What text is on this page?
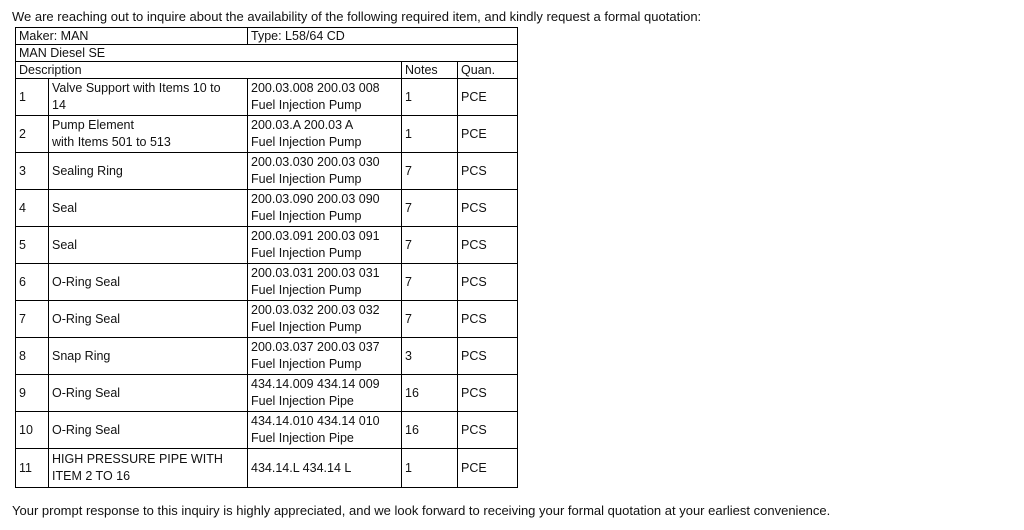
We are reaching out to inquire about the availability of the following required item, and kindly request a formal quotation:
Maker: MAN		Type: L58/64 CD		
MAN Diesel SE				
Description			Notes	Quan.
1	Valve Support with Items 10 to
14	200.03.008 200.03 008
Fuel Injection Pump	1	PCE
2	Pump Element
with Items 501 to 513	200.03.A 200.03 A
Fuel Injection Pump	1	PCE
3	Sealing Ring	200.03.030 200.03 030
Fuel Injection Pump	7	PCS
4	Seal	200.03.090 200.03 090
Fuel Injection Pump	7	PCS
5	Seal	200.03.091 200.03 091
Fuel Injection Pump	7	PCS
6	O-Ring Seal	200.03.031 200.03 031
Fuel Injection Pump	7	PCS
7	O-Ring Seal	200.03.032 200.03 032
Fuel Injection Pump	7	PCS
8	Snap Ring	200.03.037 200.03 037
Fuel Injection Pump	3	PCS
9	O-Ring Seal	434.14.009 434.14 009
Fuel Injection Pipe	16	PCS
10	O-Ring Seal	434.14.010 434.14 010
Fuel Injection Pipe	16	PCS
11	HIGH PRESSURE PIPE WITH
ITEM 2 TO 16	434.14.L 434.14 L	1	PCE
Your prompt response to this inquiry is highly appreciated, and we look forward to receiving your formal quotation at your earliest convenience.
